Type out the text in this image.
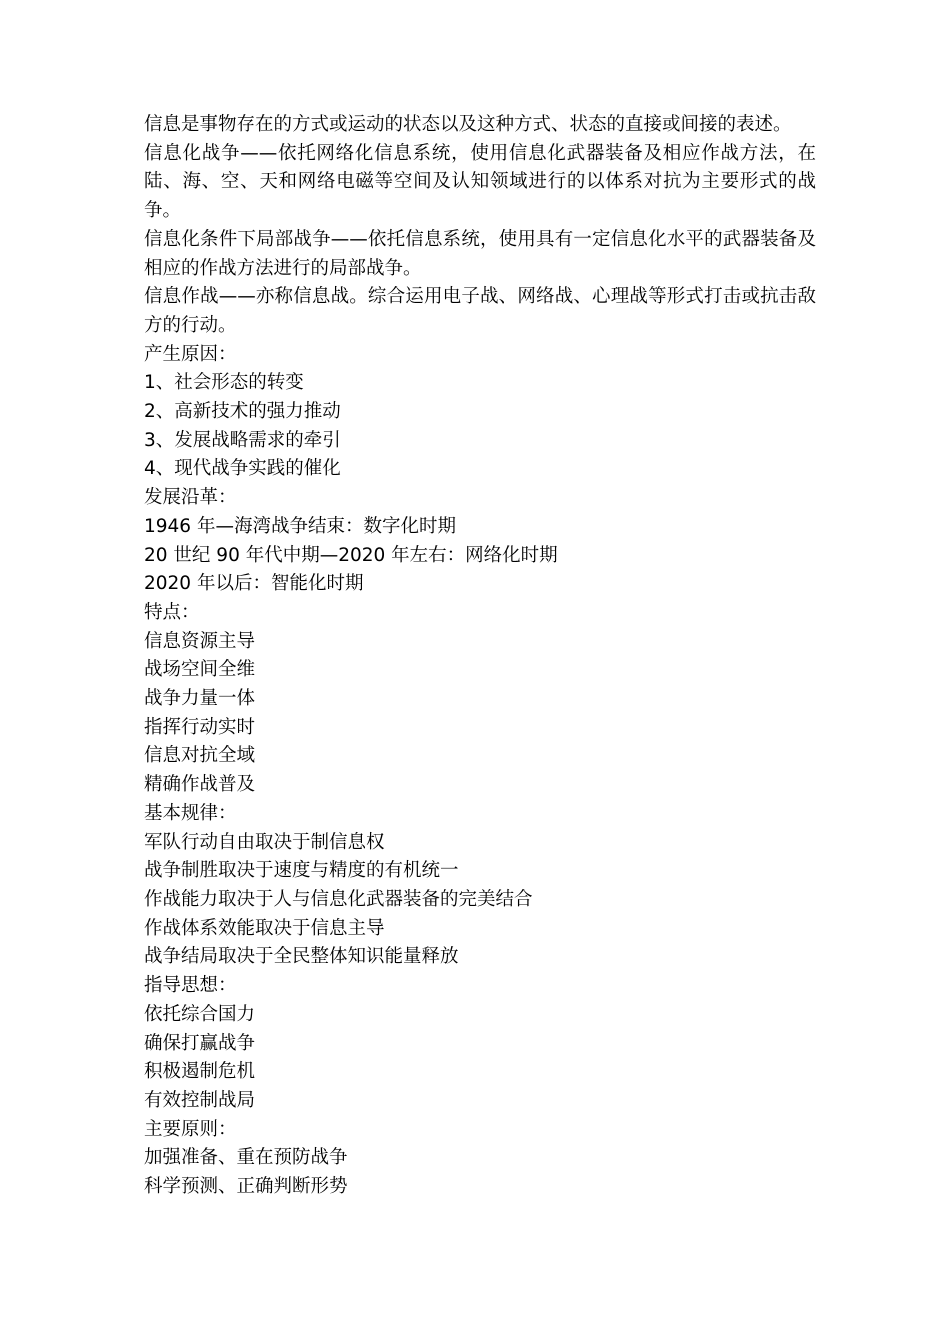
信息是事物存在的方式或运动的状态以及这种方式、状态的直接或间接的表述。
信息化战争——依托网络化信息系统，使用信息化武器装备及相应作战方法，在陆、海、空、天和网络电磁等空间及认知领域进行的以体系对抗为主要形式的战争。
信息化条件下局部战争——依托信息系统，使用具有一定信息化水平的武器装备及相应的作战方法进行的局部战争。
信息作战——亦称信息战。综合运用电子战、网络战、心理战等形式打击或抗击敌方的行动。
产生原因：
1、社会形态的转变
2、高新技术的强力推动
3、发展战略需求的牵引
4、现代战争实践的催化
发展沿革：
1946 年—海湾战争结束：数字化时期
20 世纪 90 年代中期—2020 年左右：网络化时期
2020 年以后：智能化时期
特点：
信息资源主导
战场空间全维
战争力量一体
指挥行动实时
信息对抗全域
精确作战普及
基本规律：
军队行动自由取决于制信息权
战争制胜取决于速度与精度的有机统一
作战能力取决于人与信息化武器装备的完美结合
作战体系效能取决于信息主导
战争结局取决于全民整体知识能量释放
指导思想：
依托综合国力
确保打赢战争
积极遏制危机
有效控制战局
主要原则：
加强准备、重在预防战争
科学预测、正确判断形势
